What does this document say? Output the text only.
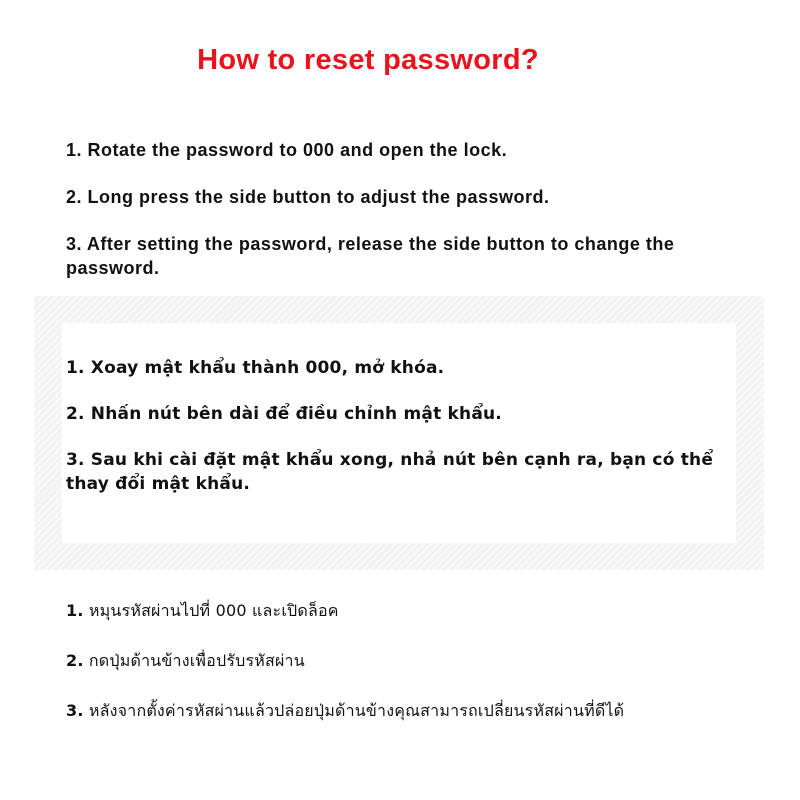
How to reset password?

1. Rotate the password to 000 and open the lock.

2. Long press the side button to adjust the password.

3. After setting the password, release the side button to change the password.

1. Xoay mật khẩu thành 000, mở khóa.

2. Nhấn nút bên dài để điều chỉnh mật khẩu.

3. Sau khi cài đặt mật khẩu xong, nhả nút bên cạnh ra, bạn có thể thay đổi mật khẩu.

1. หมุนรหัสผ่านไปที่ 000 และเปิดล็อค

2. กดปุ่มด้านข้างเพื่อปรับรหัสผ่าน

3. หลังจากตั้งค่ารหัสผ่านแล้วปล่อยปุ่มด้านข้างคุณสามารถเปลี่ยนรหัสผ่านที่ดีได้
